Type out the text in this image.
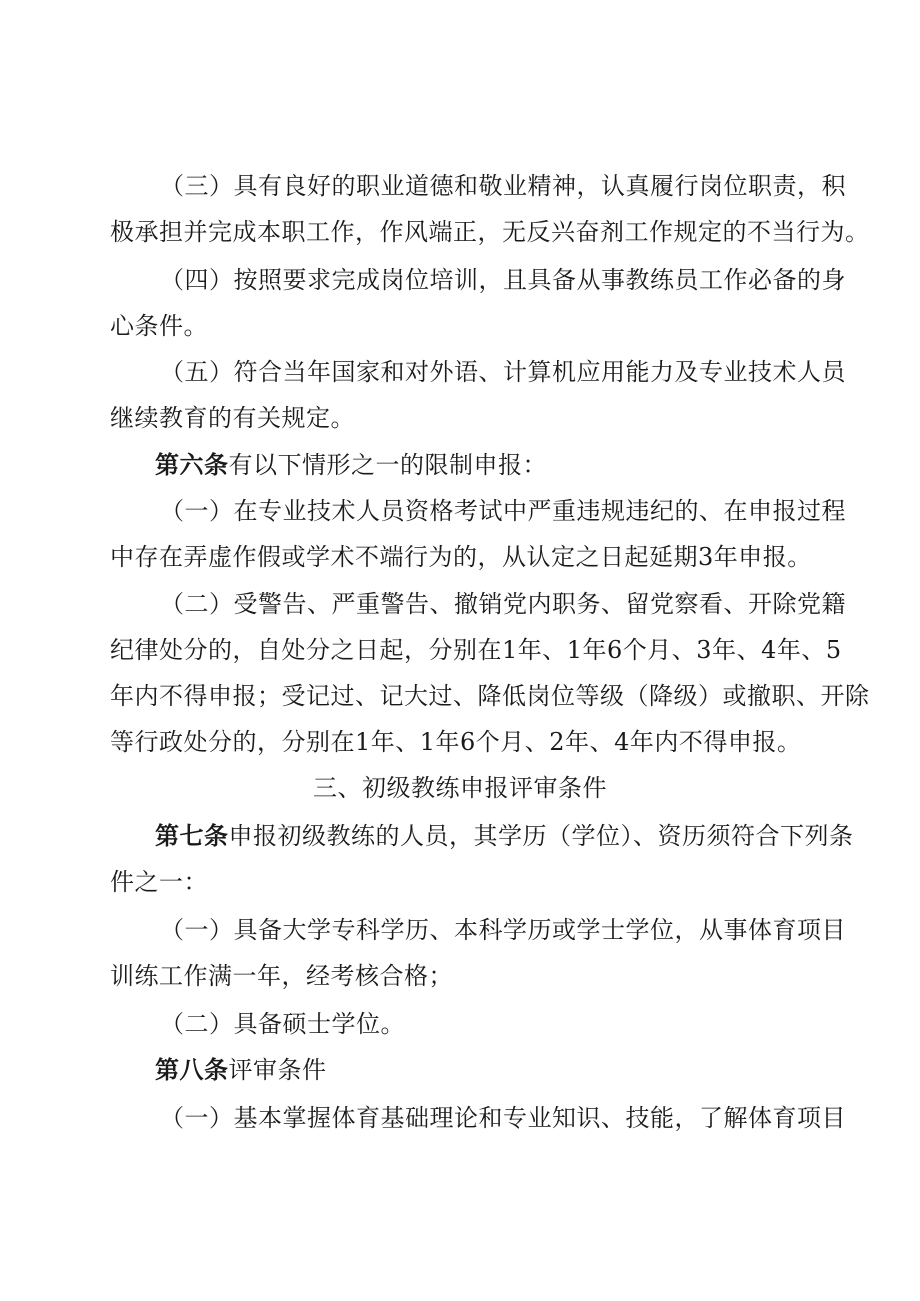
（三）具有良好的职业道德和敬业精神，认真履行岗位职责，积
极承担并完成本职工作，作风端正，无反兴奋剂工作规定的不当行为。
（四）按照要求完成岗位培训，且具备从事教练员工作必备的身
心条件。
（五）符合当年国家和对外语、计算机应用能力及专业技术人员
继续教育的有关规定。
第六条有以下情形之一的限制申报：
（一）在专业技术人员资格考试中严重违规违纪的、在申报过程
中存在弄虚作假或学术不端行为的，从认定之日起延期3年申报。
（二）受警告、严重警告、撤销党内职务、留党察看、开除党籍
纪律处分的，自处分之日起，分别在1年、1年6个月、3年、4年、5
年内不得申报；受记过、记大过、降低岗位等级（降级）或撤职、开除
等行政处分的，分别在1年、1年6个月、2年、4年内不得申报。
三、初级教练申报评审条件
第七条申报初级教练的人员，其学历（学位）、资历须符合下列条
件之一：
（一）具备大学专科学历、本科学历或学士学位，从事体育项目
训练工作满一年，经考核合格；
（二）具备硕士学位。
第八条评审条件
（一）基本掌握体育基础理论和专业知识、技能，了解体育项目
